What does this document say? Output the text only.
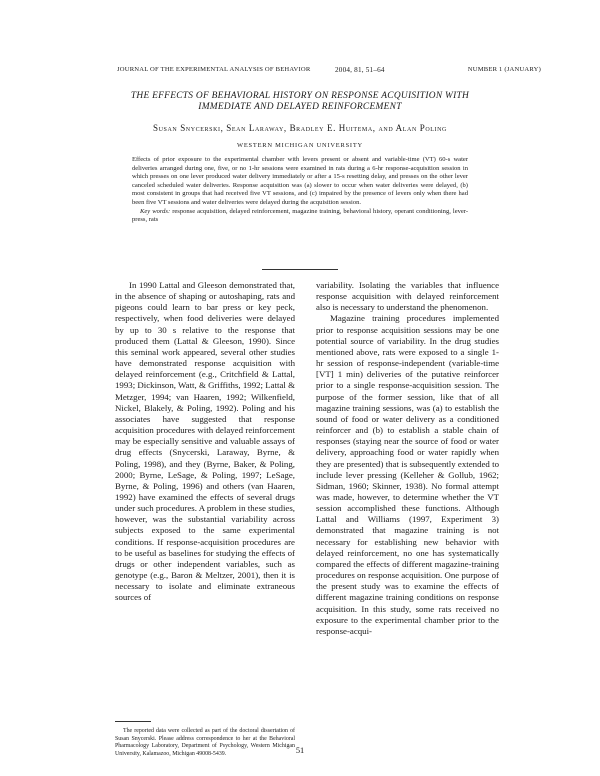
JOURNAL OF THE EXPERIMENTAL ANALYSIS OF BEHAVIOR	2004, 81, 51–64	NUMBER 1 (JANUARY)
THE EFFECTS OF BEHAVIORAL HISTORY ON RESPONSE ACQUISITION WITH IMMEDIATE AND DELAYED REINFORCEMENT
Susan Snycerski, Sean Laraway, Bradley E. Huitema, and Alan Poling
WESTERN MICHIGAN UNIVERSITY

Effects of prior exposure to the experimental chamber with levers present or absent and variable-time (VT) 60-s water deliveries arranged during one, five, or no 1-hr sessions were examined in rats during a 6-hr response-acquisition session in which presses on one lever produced water delivery immediately or after a 15-s resetting delay, and presses on the other lever canceled scheduled water deliveries. Response acquisition was (a) slower to occur when water deliveries were delayed, (b) most consistent in groups that had received five VT sessions, and (c) impaired by the presence of levers only when there had been five VT sessions and water deliveries were delayed during the acquisition session.

Key words: response acquisition, delayed reinforcement, magazine training, behavioral history, operant conditioning, lever-press, rats

In 1990 Lattal and Gleeson demonstrated that, in the absence of shaping or autoshaping, rats and pigeons could learn to bar press or key peck, respectively, when food deliveries were delayed by up to 30 s relative to the response that produced them (Lattal & Gleeson, 1990). Since this seminal work appeared, several other studies have demonstrated response acquisition with delayed reinforcement (e.g., Critchfield & Lattal, 1993; Dickinson, Watt, & Griffiths, 1992; Lattal & Metzger, 1994; van Haaren, 1992; Wilkenfield, Nickel, Blakely, & Poling, 1992). Poling and his associates have suggested that response acquisition procedures with delayed reinforcement may be especially sensitive and valuable assays of drug effects (Snycerski, Laraway, Byrne, & Poling, 1998), and they (Byrne, Baker, & Poling, 2000; Byrne, LeSage, & Poling, 1997; LeSage, Byrne, & Poling, 1996) and others (van Haaren, 1992) have examined the effects of several drugs under such procedures. A problem in these studies, however, was the substantial variability across subjects exposed to the same experimental conditions. If response-acquisition procedures are to be useful as baselines for studying the effects of drugs or other independent variables, such as genotype (e.g., Baron & Meltzer, 2001), then it is necessary to isolate and eliminate extraneous sources of

variability. Isolating the variables that influence response acquisition with delayed reinforcement also is necessary to understand the phenomenon.

Magazine training procedures implemented prior to response acquisition sessions may be one potential source of variability. In the drug studies mentioned above, rats were exposed to a single 1-hr session of response-independent (variable-time [VT] 1 min) deliveries of the putative reinforcer prior to a single response-acquisition session. The purpose of the former session, like that of all magazine training sessions, was (a) to establish the sound of food or water delivery as a conditioned reinforcer and (b) to establish a stable chain of responses (staying near the source of food or water delivery, approaching food or water rapidly when they are presented) that is subsequently extended to include lever pressing (Kelleher & Gollub, 1962; Sidman, 1960; Skinner, 1938). No formal attempt was made, however, to determine whether the VT session accomplished these functions. Although Lattal and Williams (1997, Experiment 3) demonstrated that magazine training is not necessary for establishing new behavior with delayed reinforcement, no one has systematically compared the effects of different magazine-training procedures on response acquisition. One purpose of the present study was to examine the effects of different magazine training conditions on response acquisition. In this study, some rats received no exposure to the experimental chamber prior to the response-acqui-

The reported data were collected as part of the doctoral dissertation of Susan Snycerski. Please address correspondence to her at the Behavioral Pharmacology Laboratory, Department of Psychology, Western Michigan University, Kalamazoo, Michigan 49008-5439.	51
